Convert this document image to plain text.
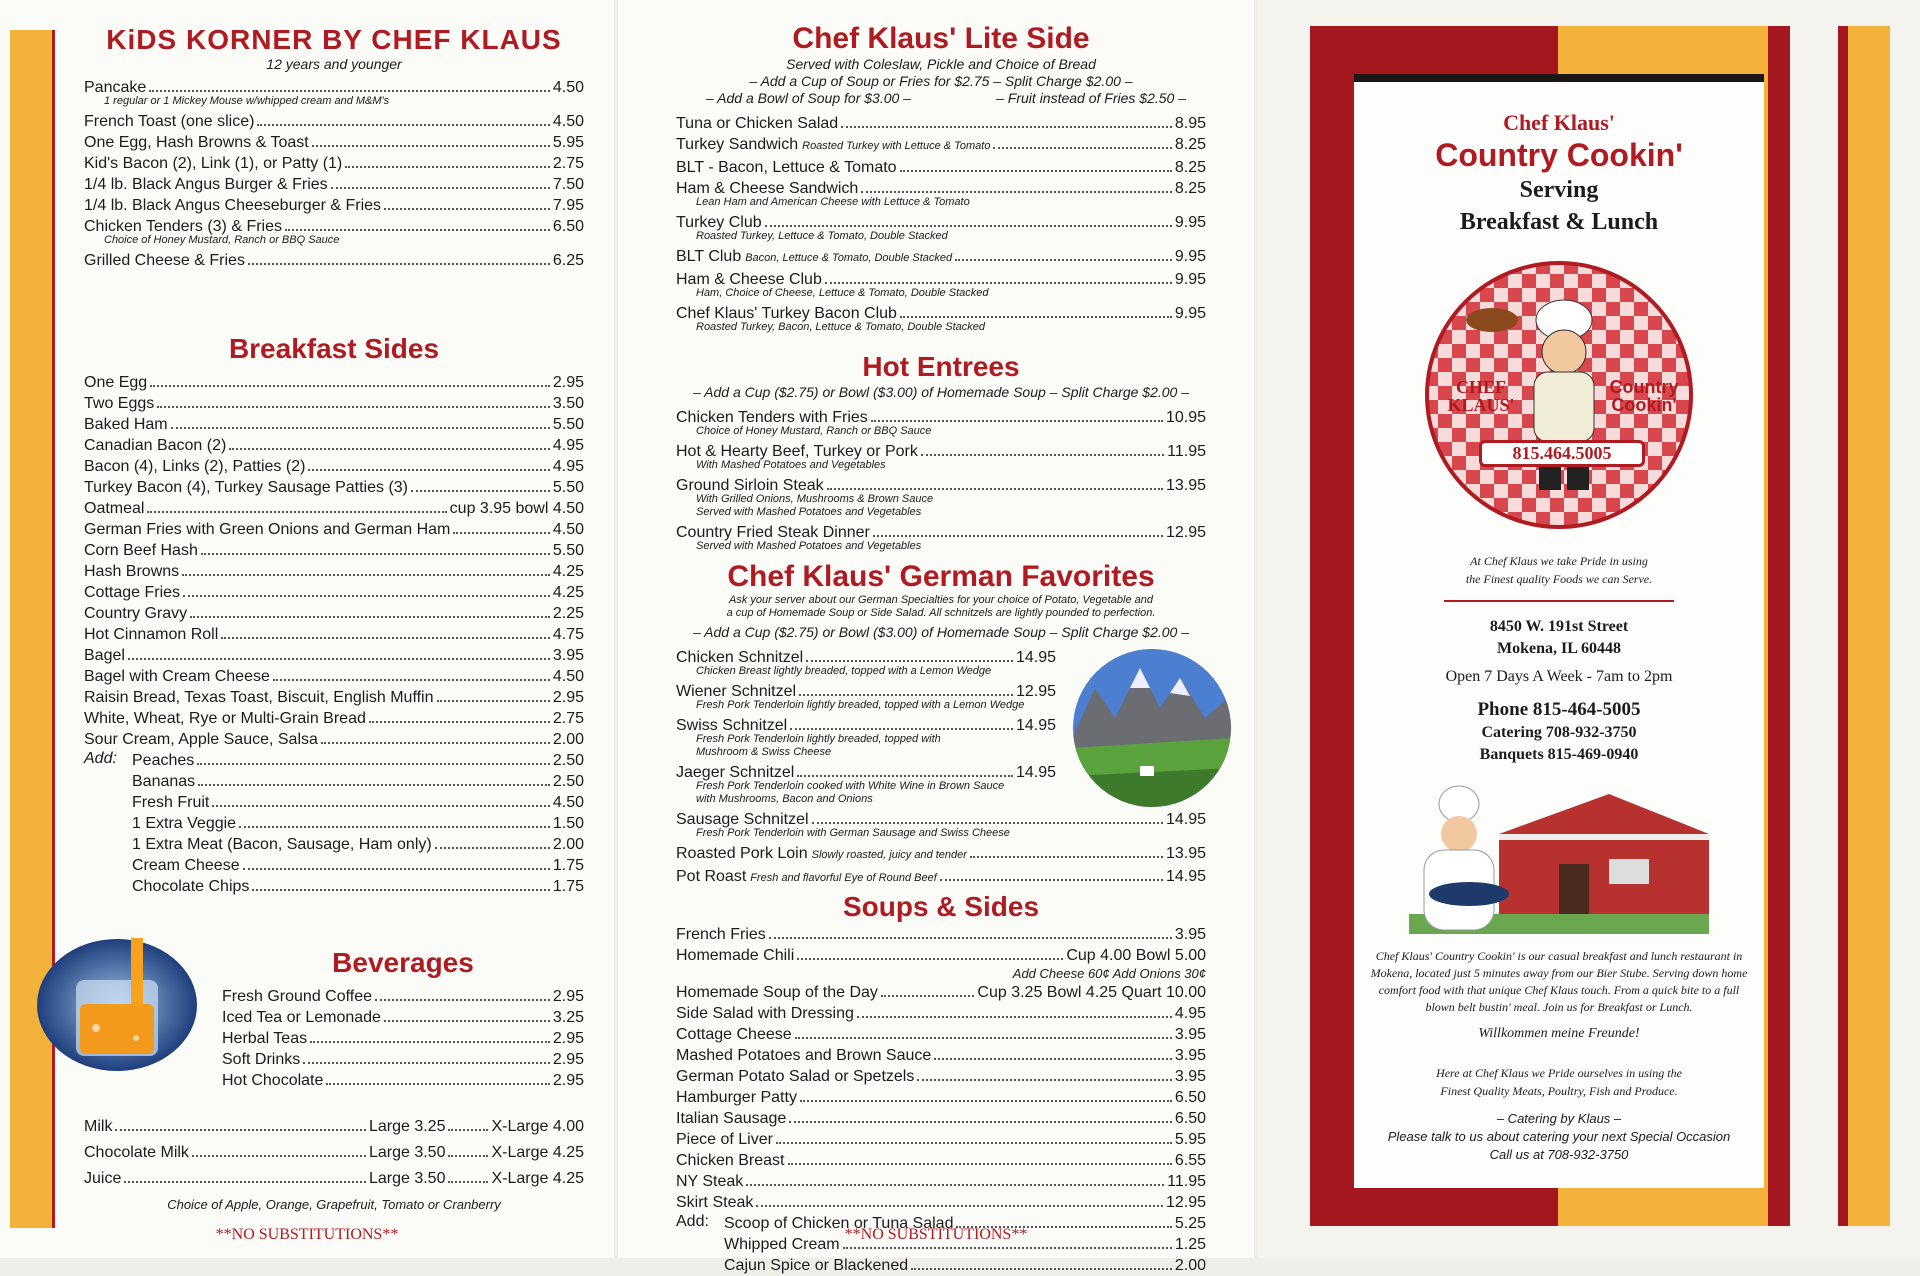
KiDS KORNER BY CHEF KLAUS
12 years and younger
Pancake	4.50
1 regular or 1 Mickey Mouse w/whipped cream and M&M's
French Toast (one slice)	4.50
One Egg, Hash Browns & Toast	5.95
Kid's Bacon (2), Link (1), or Patty (1)	2.75
1/4 lb. Black Angus Burger & Fries	7.50
1/4 lb. Black Angus Cheeseburger & Fries	7.95
Chicken Tenders (3) & Fries	6.50
Choice of Honey Mustard, Ranch or BBQ Sauce
Grilled Cheese & Fries	6.25
Breakfast Sides
One Egg	2.95
Two Eggs	3.50
Baked Ham	5.50
Canadian Bacon (2)	4.95
Bacon (4), Links (2), Patties (2)	4.95
Turkey Bacon (4), Turkey Sausage Patties (3)	5.50
Oatmeal	cup 3.95 bowl 4.50
German Fries with Green Onions and German Ham	4.50
Corn Beef Hash	5.50
Hash Browns	4.25
Cottage Fries	4.25
Country Gravy	2.25
Hot Cinnamon Roll	4.75
Bagel	3.95
Bagel with Cream Cheese	4.50
Raisin Bread, Texas Toast, Biscuit, English Muffin	2.95
White, Wheat, Rye or Multi-Grain Bread	2.75
Sour Cream, Apple Sauce, Salsa	2.00
Add: Peaches	2.50
Bananas	2.50
Fresh Fruit	4.50
1 Extra Veggie	1.50
1 Extra Meat (Bacon, Sausage, Ham only)	2.00
Cream Cheese	1.75
Chocolate Chips	1.75
Beverages
Fresh Ground Coffee	2.95
Iced Tea or Lemonade	3.25
Herbal Teas	2.95
Soft Drinks	2.95
Hot Chocolate	2.95
Milk	Large 3.25	X-Large 4.00
Chocolate Milk	Large 3.50	X-Large 4.25
Juice	Large 3.50	X-Large 4.25
Choice of Apple, Orange, Grapefruit, Tomato or Cranberry
**NO SUBSTITUTIONS**
Chef Klaus' Lite Side
Served with Coleslaw, Pickle and Choice of Bread
– Add a Cup of Soup or Fries for $2.75 – Split Charge $2.00 –
– Add a Bowl of Soup for $3.00 –	– Fruit instead of Fries $2.50 –
Tuna or Chicken Salad	8.95
Turkey Sandwich Roasted Turkey with Lettuce & Tomato	8.25
BLT - Bacon, Lettuce & Tomato	8.25
Ham & Cheese Sandwich	8.25
Lean Ham and American Cheese with Lettuce & Tomato
Turkey Club	9.95
Roasted Turkey, Lettuce & Tomato, Double Stacked
BLT Club Bacon, Lettuce & Tomato, Double Stacked	9.95
Ham & Cheese Club	9.95
Ham, Choice of Cheese, Lettuce & Tomato, Double Stacked
Chef Klaus' Turkey Bacon Club	9.95
Roasted Turkey, Bacon, Lettuce & Tomato, Double Stacked
Hot Entrees
– Add a Cup ($2.75) or Bowl ($3.00) of Homemade Soup – Split Charge $2.00 –
Chicken Tenders with Fries	10.95
Choice of Honey Mustard, Ranch or BBQ Sauce
Hot & Hearty Beef, Turkey or Pork	11.95
With Mashed Potatoes and Vegetables
Ground Sirloin Steak	13.95
With Grilled Onions, Mushrooms & Brown Sauce
Served with Mashed Potatoes and Vegetables
Country Fried Steak Dinner	12.95
Served with Mashed Potatoes and Vegetables
Chef Klaus' German Favorites
Ask your server about our German Specialties for your choice of Potato, Vegetable and
a cup of Homemade Soup or Side Salad. All schnitzels are lightly pounded to perfection.
– Add a Cup ($2.75) or Bowl ($3.00) of Homemade Soup – Split Charge $2.00 –
Chicken Schnitzel	14.95
Chicken Breast lightly breaded, topped with a Lemon Wedge
Wiener Schnitzel	12.95
Fresh Pork Tenderloin lightly breaded, topped with a Lemon Wedge
Swiss Schnitzel	14.95
Fresh Pork Tenderloin lightly breaded, topped with
Mushroom & Swiss Cheese
Jaeger Schnitzel	14.95
Fresh Pork Tenderloin cooked with White Wine in Brown Sauce
with Mushrooms, Bacon and Onions
Sausage Schnitzel	14.95
Fresh Pork Tenderloin with German Sausage and Swiss Cheese
Roasted Pork Loin Slowly roasted, juicy and tender	13.95
Pot Roast Fresh and flavorful Eye of Round Beef	14.95
Soups & Sides
French Fries	3.95
Homemade Chili	Cup 4.00 Bowl 5.00
Add Cheese 60¢ Add Onions 30¢
Homemade Soup of the Day	Cup 3.25 Bowl 4.25 Quart 10.00
Side Salad with Dressing	4.95
Cottage Cheese	3.95
Mashed Potatoes and Brown Sauce	3.95
German Potato Salad or Spetzels	3.95
Hamburger Patty	6.50
Italian Sausage	6.50
Piece of Liver	5.95
Chicken Breast	6.55
NY Steak	11.95
Skirt Steak	12.95
Add: Scoop of Chicken or Tuna Salad	5.25
Whipped Cream	1.25
Cajun Spice or Blackened	2.00
**NO SUBSTITUTIONS**
Chef Klaus'
Country Cookin'
Serving
Breakfast & Lunch
CHEF KLAUS'
Country Cookin'
815.464.5005
At Chef Klaus we take Pride in using
the Finest quality Foods we can Serve.
8450 W. 191st Street
Mokena, IL 60448
Open 7 Days A Week - 7am to 2pm
Phone 815-464-5005
Catering 708-932-3750
Banquets 815-469-0940
Chef Klaus' Country Cookin' is our casual breakfast and lunch restaurant in Mokena, located just 5 minutes away from our Bier Stube. Serving down home comfort food with that unique Chef Klaus touch. From a quick bite to a full blown belt bustin' meal. Join us for Breakfast or Lunch.
Willkommen meine Freunde!
Here at Chef Klaus we Pride ourselves in using the
Finest Quality Meats, Poultry, Fish and Produce.
– Catering by Klaus –
Please talk to us about catering your next Special Occasion
Call us at 708-932-3750
